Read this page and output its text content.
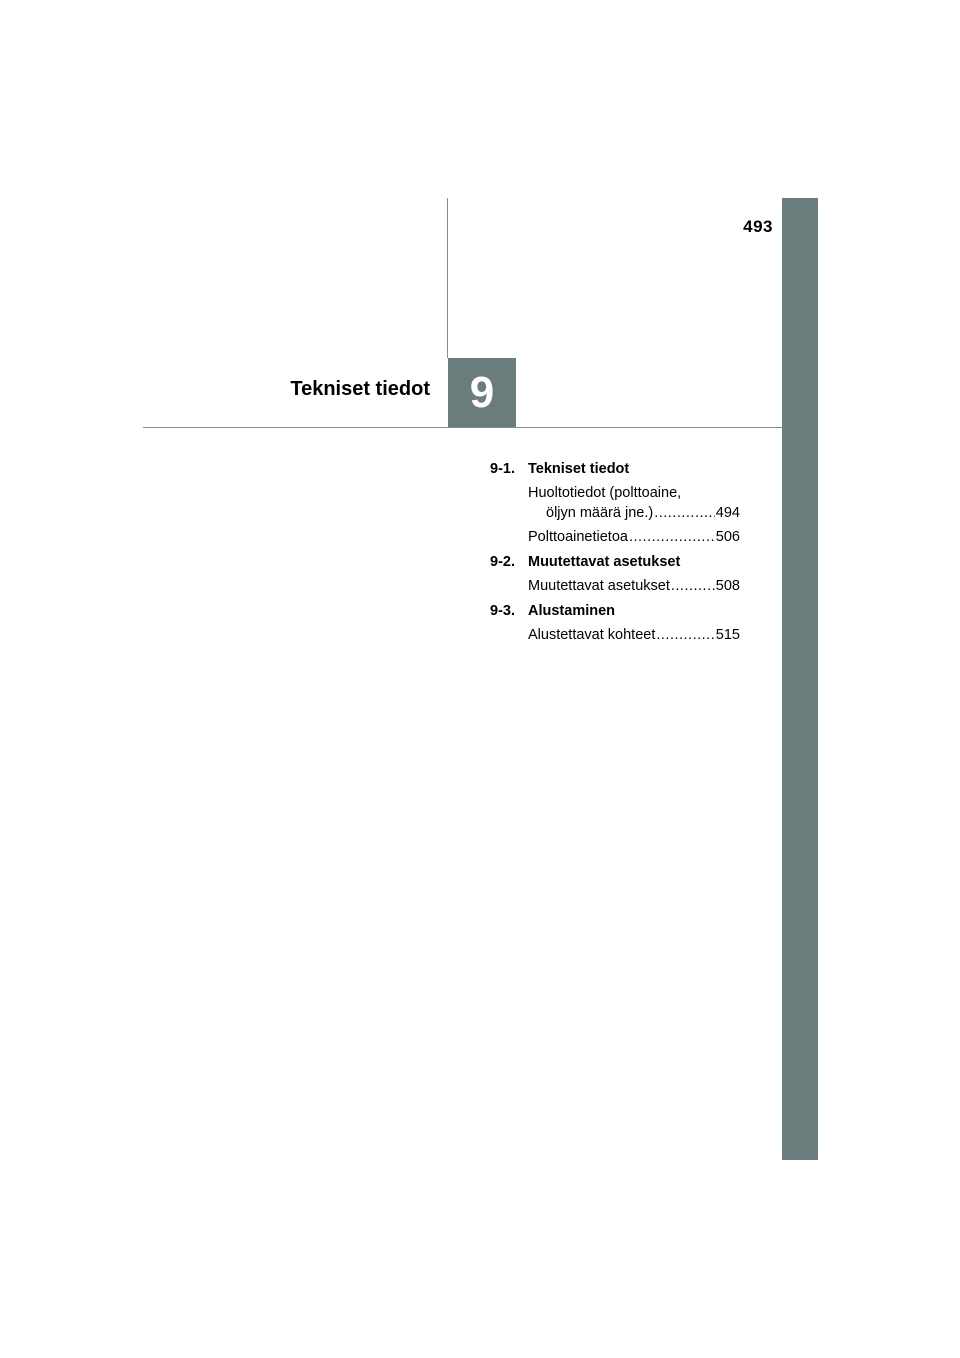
493
Tekniset tiedot 9
9-1. Tekniset tiedot
Huoltotiedot (polttoaine,
öljyn määrä jne.) .....	494
Polttoainetietoa .....	506
9-2. Muutettavat asetukset
Muutettavat asetukset .....	508
9-3. Alustaminen
Alustettavat kohteet .....	515
